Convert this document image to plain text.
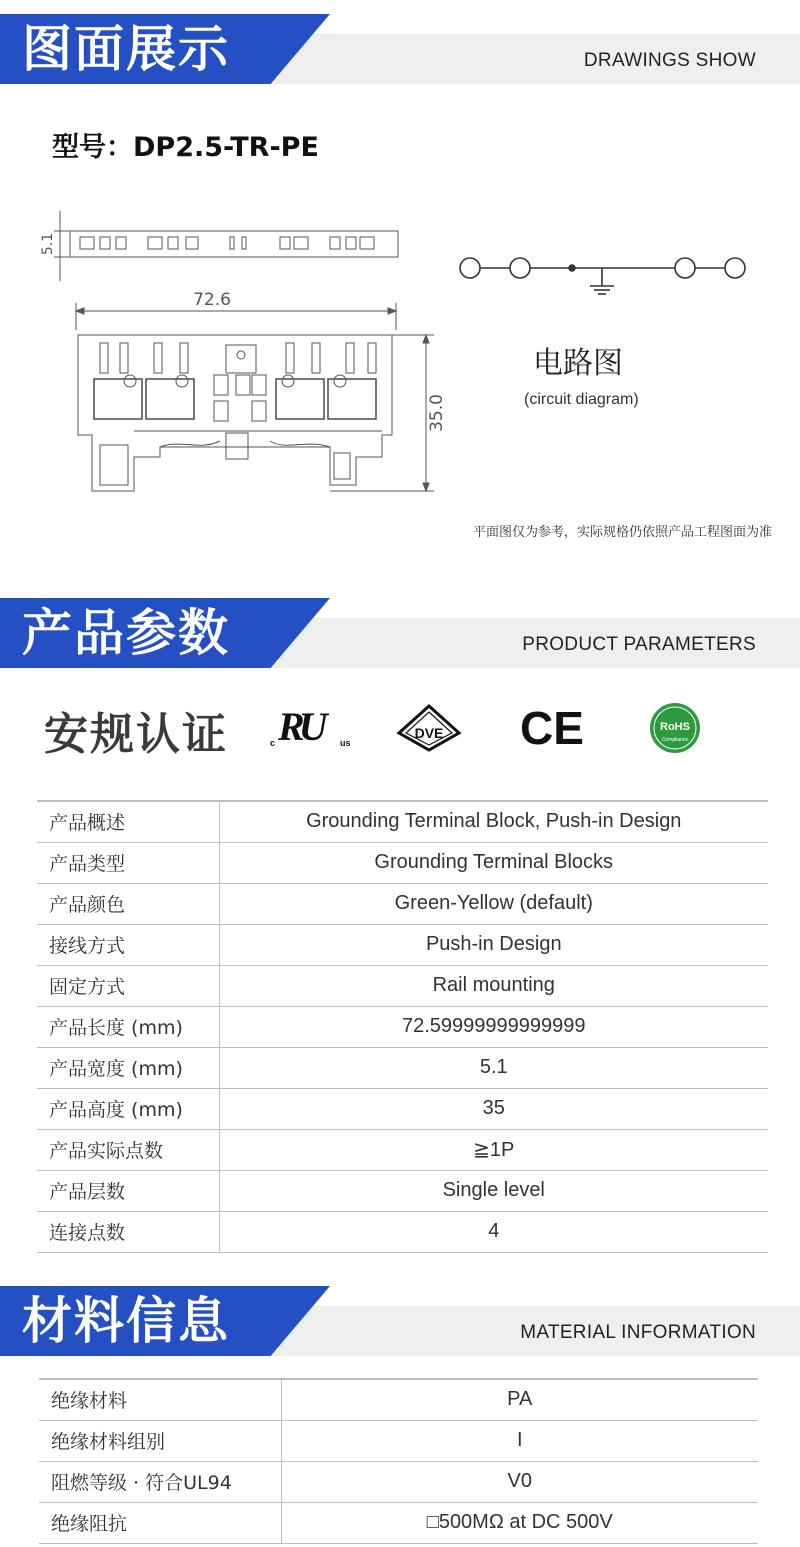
图面展示	DRAWINGS SHOW
型号：DP2.5-TR-PE
72.6
5.1
35.0
电路图
(circuit diagram)
平面图仅为参考，实际规格仍依照产品工程图面为准
产品参数	PRODUCT PARAMETERS
安规认证	c RU	us
DVE CE	RoHS
Compliance
产品概述	Grounding Terminal Block, Push-in Design
产品类型	Grounding Terminal Blocks
产品颜色	Green-Yellow (default)
接线方式	Push-in Design
固定方式	Rail mounting
产品长度 (mm)	72.59999999999999
产品宽度 (mm)	5.1
产品高度 (mm)	35
产品实际点数	≧1P
产品层数	Single level
连接点数	4
材料信息	MATERIAL INFORMATION
绝缘材料	PA
绝缘材料组别	I
阻燃等级 · 符合UL94	V0
绝缘阻抗	□500MΩ at DC 500V
